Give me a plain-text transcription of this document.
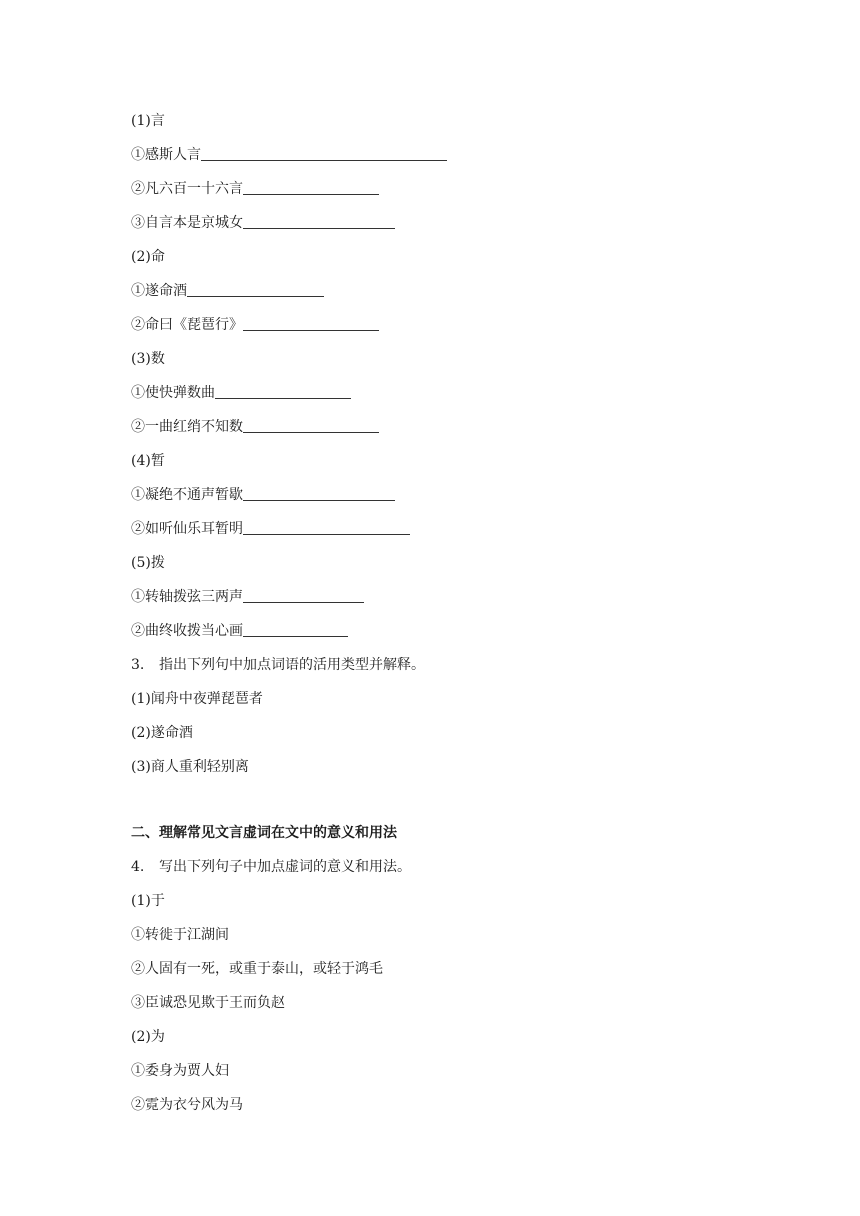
(1)言
①感斯人言
②凡六百一十六言
③自言本是京城女
(2)命
①遂命酒
②命曰《琵琶行》
(3)数
①使快弹数曲
②一曲红绡不知数
(4)暂
①凝绝不通声暂歇
②如听仙乐耳暂明
(5)拨
①转轴拨弦三两声
②曲终收拨当心画
3. 指出下列句中加点词语的活用类型并解释。
(1)闻舟中夜弹琵琶者
(2)遂命酒
(3)商人重利轻别离
二、理解常见文言虚词在文中的意义和用法
4. 写出下列句子中加点虚词的意义和用法。
(1)于
①转徙于江湖间
②人固有一死，或重于泰山，或轻于鸿毛
③臣诚恐见欺于王而负赵
(2)为
①委身为贾人妇
②霓为衣兮风为马
